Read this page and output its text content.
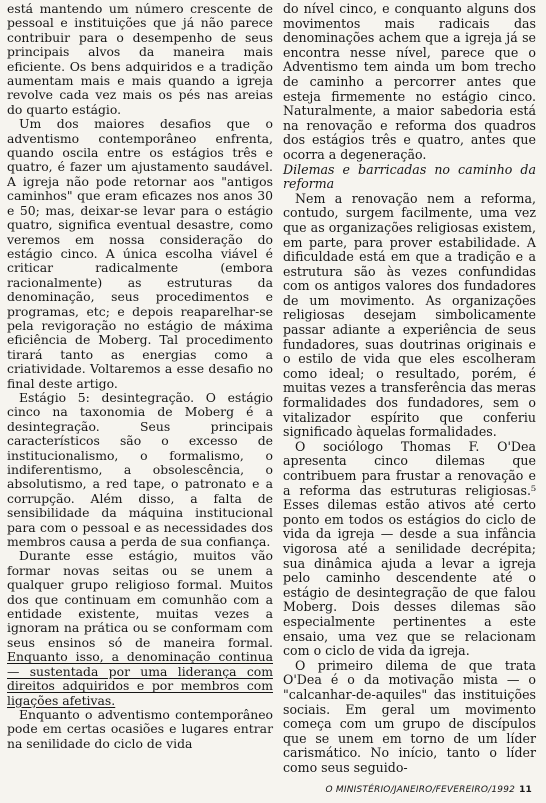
está mantendo um número crescente de pessoal e instituições que já não parece contribuir para o desempenho de seus principais alvos da maneira mais eficiente. Os bens adquiridos e a tradição aumentam mais e mais quando a igreja revolve cada vez mais os pés nas areias do quarto estágio.

Um dos maiores desafios que o adventismo contemporâneo enfrenta, quando oscila entre os estágios três e quatro, é fazer um ajustamento saudável. A igreja não pode retornar aos "antigos caminhos" que eram eficazes nos anos 30 e 50; mas, deixar-se levar para o estágio quatro, significa eventual desastre, como veremos em nossa consideração do estágio cinco. A única escolha viável é criticar radicalmente (embora racionalmente) as estruturas da denominação, seus procedimentos e programas, etc; e depois reaparelhar-se pela revigoração no estágio de máxima eficiência de Moberg. Tal procedimento tirará tanto as energias como a criatividade. Voltaremos a esse desafio no final deste artigo.

Estágio 5: desintegração. O estágio cinco na taxonomia de Moberg é a desintegração. Seus principais característicos são o excesso de institucionalismo, o formalismo, o indiferentismo, a obsolescência, o absolutismo, a red tape, o patronato e a corrupção. Além disso, a falta de sensibilidade da máquina institucional para com o pessoal e as necessidades dos membros causa a perda de sua confiança.

Durante esse estágio, muitos vão formar novas seitas ou se unem a qualquer grupo religioso formal. Muitos dos que continuam em comunhão com a entidade existente, muitas vezes a ignoram na prática ou se conformam com seus ensinos só de maneira formal. Enquanto isso, a denominação continua — sustentada por uma liderança com direitos adquiridos e por membros com ligações afetivas.

Enquanto o adventismo contemporâneo pode em certas ocasiões e lugares entrar na senilidade do ciclo de vida

do nível cinco, e conquanto alguns dos movimentos mais radicais das denominações achem que a igreja já se encontra nesse nível, parece que o Adventismo tem ainda um bom trecho de caminho a percorrer antes que esteja firmemente no estágio cinco. Naturalmente, a maior sabedoria está na renovação e reforma dos quadros dos estágios três e quatro, antes que ocorra a degeneração.

Dilemas e barricadas no caminho da reforma

Nem a renovação nem a reforma, contudo, surgem facilmente, uma vez que as organizações religiosas existem, em parte, para prover estabilidade. A dificuldade está em que a tradição e a estrutura são às vezes confundidas com os antigos valores dos fundadores de um movimento. As organizações religiosas desejam simbolicamente passar adiante a experiência de seus fundadores, suas doutrinas originais e o estilo de vida que eles escolheram como ideal; o resultado, porém, é muitas vezes a transferência das meras formalidades dos fundadores, sem o vitalizador espírito que conferiu significado àquelas formalidades.

O sociólogo Thomas F. O'Dea apresenta cinco dilemas que contribuem para frustar a renovação e a reforma das estruturas religiosas.⁵ Esses dilemas estão ativos até certo ponto em todos os estágios do ciclo de vida da igreja — desde a sua infância vigorosa até a senilidade decrépita; sua dinâmica ajuda a levar a igreja pelo caminho descendente até o estágio de desintegração de que falou Moberg. Dois desses dilemas são especialmente pertinentes a este ensaio, uma vez que se relacionam com o ciclo de vida da igreja.

O primeiro dilema de que trata O'Dea é o da motivação mista — o "calcanhar-de-aquiles" das instituições sociais. Em geral um movimento começa com um grupo de discípulos que se unem em torno de um líder carismático. No início, tanto o líder como seus seguido-

O MINISTÉRIO/JANEIRO/FEVEREIRO/1992 11
